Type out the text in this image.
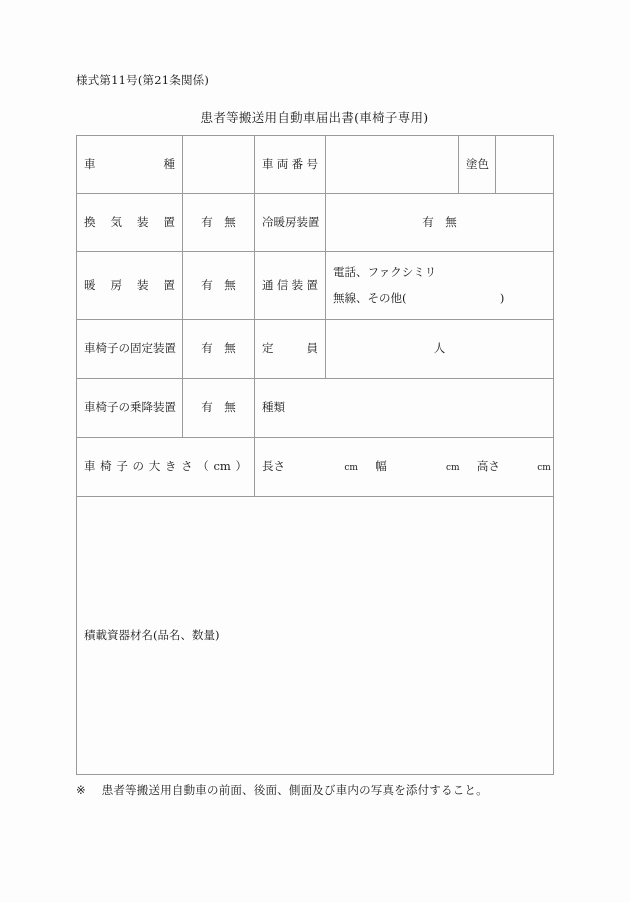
様式第11号(第21条関係)
患者等搬送用自動車届出書(車椅子専用)
車　　種		車両番号		塗色	

換気装置	有　無	冷暖房装置	有　無		

暖房装置	有　無	通信装置	電話、ファクシミリ
無線、その他( )		

車椅子の固定装置	有　無	定　員	人		
車椅子の乗降装置	有　無	種類			

車椅子の大きさ（cm）		長さ cm 幅 cm 高さ cm			
積載資器材名(品名、数量)					
※ 患者等搬送用自動車の前面、後面、側面及び車内の写真を添付すること。
